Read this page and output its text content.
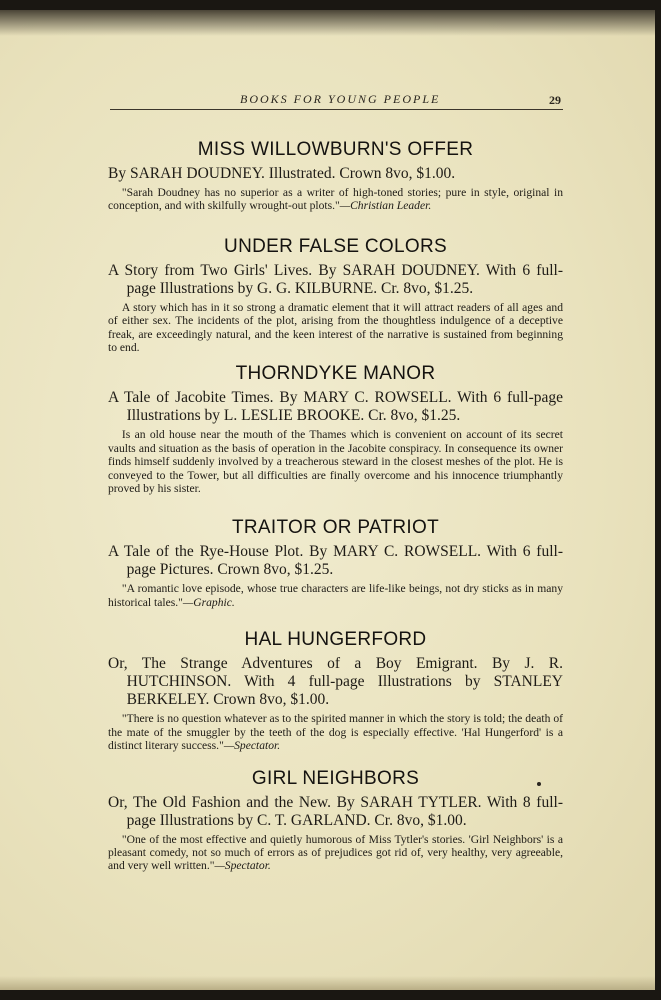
BOOKS FOR YOUNG PEOPLE	29
MISS WILLOWBURN'S OFFER
By SARAH DOUDNEY. Illustrated. Crown 8vo, $1.00.

"Sarah Doudney has no superior as a writer of high-toned stories; pure in style, original in conception, and with skilfully wrought-out plots."—Christian Leader.

UNDER FALSE COLORS
A Story from Two Girls' Lives. By SARAH DOUDNEY. With 6 full-page Illustrations by G. G. KILBURNE. Cr. 8vo, $1.25.

A story which has in it so strong a dramatic element that it will attract readers of all ages and of either sex. The incidents of the plot, arising from the thoughtless indulgence of a deceptive freak, are exceedingly natural, and the keen interest of the narrative is sustained from beginning to end.

THORNDYKE MANOR
A Tale of Jacobite Times. By MARY C. ROWSELL. With 6 full-page Illustrations by L. LESLIE BROOKE. Cr. 8vo, $1.25.

Is an old house near the mouth of the Thames which is convenient on account of its secret vaults and situation as the basis of operation in the Jacobite conspiracy. In consequence its owner finds himself suddenly involved by a treacherous steward in the closest meshes of the plot. He is conveyed to the Tower, but all difficulties are finally overcome and his innocence triumphantly proved by his sister.

TRAITOR OR PATRIOT
A Tale of the Rye-House Plot. By MARY C. ROWSELL. With 6 full-page Pictures. Crown 8vo, $1.25.

"A romantic love episode, whose true characters are life-like beings, not dry sticks as in many historical tales."—Graphic.

HAL HUNGERFORD
Or, The Strange Adventures of a Boy Emigrant. By J. R. HUTCHINSON. With 4 full-page Illustrations by STANLEY BERKELEY. Crown 8vo, $1.00.

"There is no question whatever as to the spirited manner in which the story is told; the death of the mate of the smuggler by the teeth of the dog is especially effective. 'Hal Hungerford' is a distinct literary success."—Spectator.

GIRL NEIGHBORS
Or, The Old Fashion and the New. By SARAH TYTLER. With 8 full-page Illustrations by C. T. GARLAND. Cr. 8vo, $1.00.

"One of the most effective and quietly humorous of Miss Tytler's stories. 'Girl Neighbors' is a pleasant comedy, not so much of errors as of prejudices got rid of, very healthy, very agreeable, and very well written."—Spectator.
